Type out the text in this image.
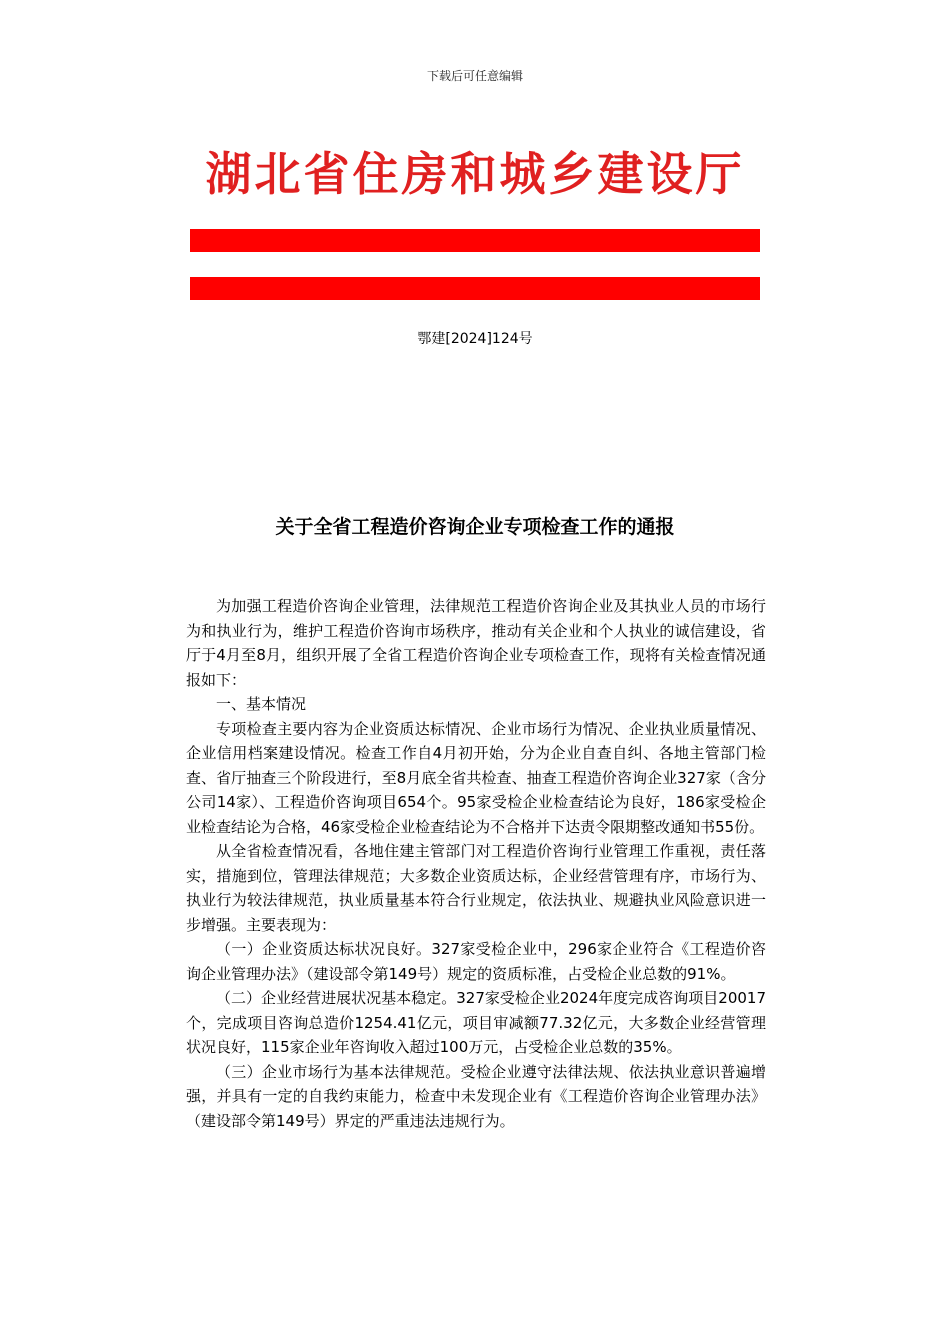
下载后可任意编辑
湖北省住房和城乡建设厅
鄂建[2024]124号
关于全省工程造价咨询企业专项检查工作的通报

为加强工程造价咨询企业管理，法律规范工程造价咨询企业及其执业人员的市场行为和执业行为，维护工程造价咨询市场秩序，推动有关企业和个人执业的诚信建设，省厅于4月至8月，组织开展了全省工程造价咨询企业专项检查工作，现将有关检查情况通报如下：

一、基本情况

专项检查主要内容为企业资质达标情况、企业市场行为情况、企业执业质量情况、企业信用档案建设情况。检查工作自4月初开始，分为企业自查自纠、各地主管部门检查、省厅抽查三个阶段进行，至8月底全省共检查、抽查工程造价咨询企业327家（含分公司14家）、工程造价咨询项目654个。95家受检企业检查结论为良好，186家受检企业检查结论为合格，46家受检企业检查结论为不合格并下达责令限期整改通知书55份。

从全省检查情况看，各地住建主管部门对工程造价咨询行业管理工作重视，责任落实，措施到位，管理法律规范；大多数企业资质达标，企业经营管理有序，市场行为、执业行为较法律规范，执业质量基本符合行业规定，依法执业、规避执业风险意识进一步增强。主要表现为：

（一）企业资质达标状况良好。327家受检企业中，296家企业符合《工程造价咨询企业管理办法》（建设部令第149号）规定的资质标准，占受检企业总数的91%。

（二）企业经营进展状况基本稳定。327家受检企业2024年度完成咨询项目20017个，完成项目咨询总造价1254.41亿元，项目审减额77.32亿元，大多数企业经营管理状况良好，115家企业年咨询收入超过100万元，占受检企业总数的35%。

（三）企业市场行为基本法律规范。受检企业遵守法律法规、依法执业意识普遍增强，并具有一定的自我约束能力，检查中未发现企业有《工程造价咨询企业管理办法》（建设部令第149号）界定的严重违法违规行为。
